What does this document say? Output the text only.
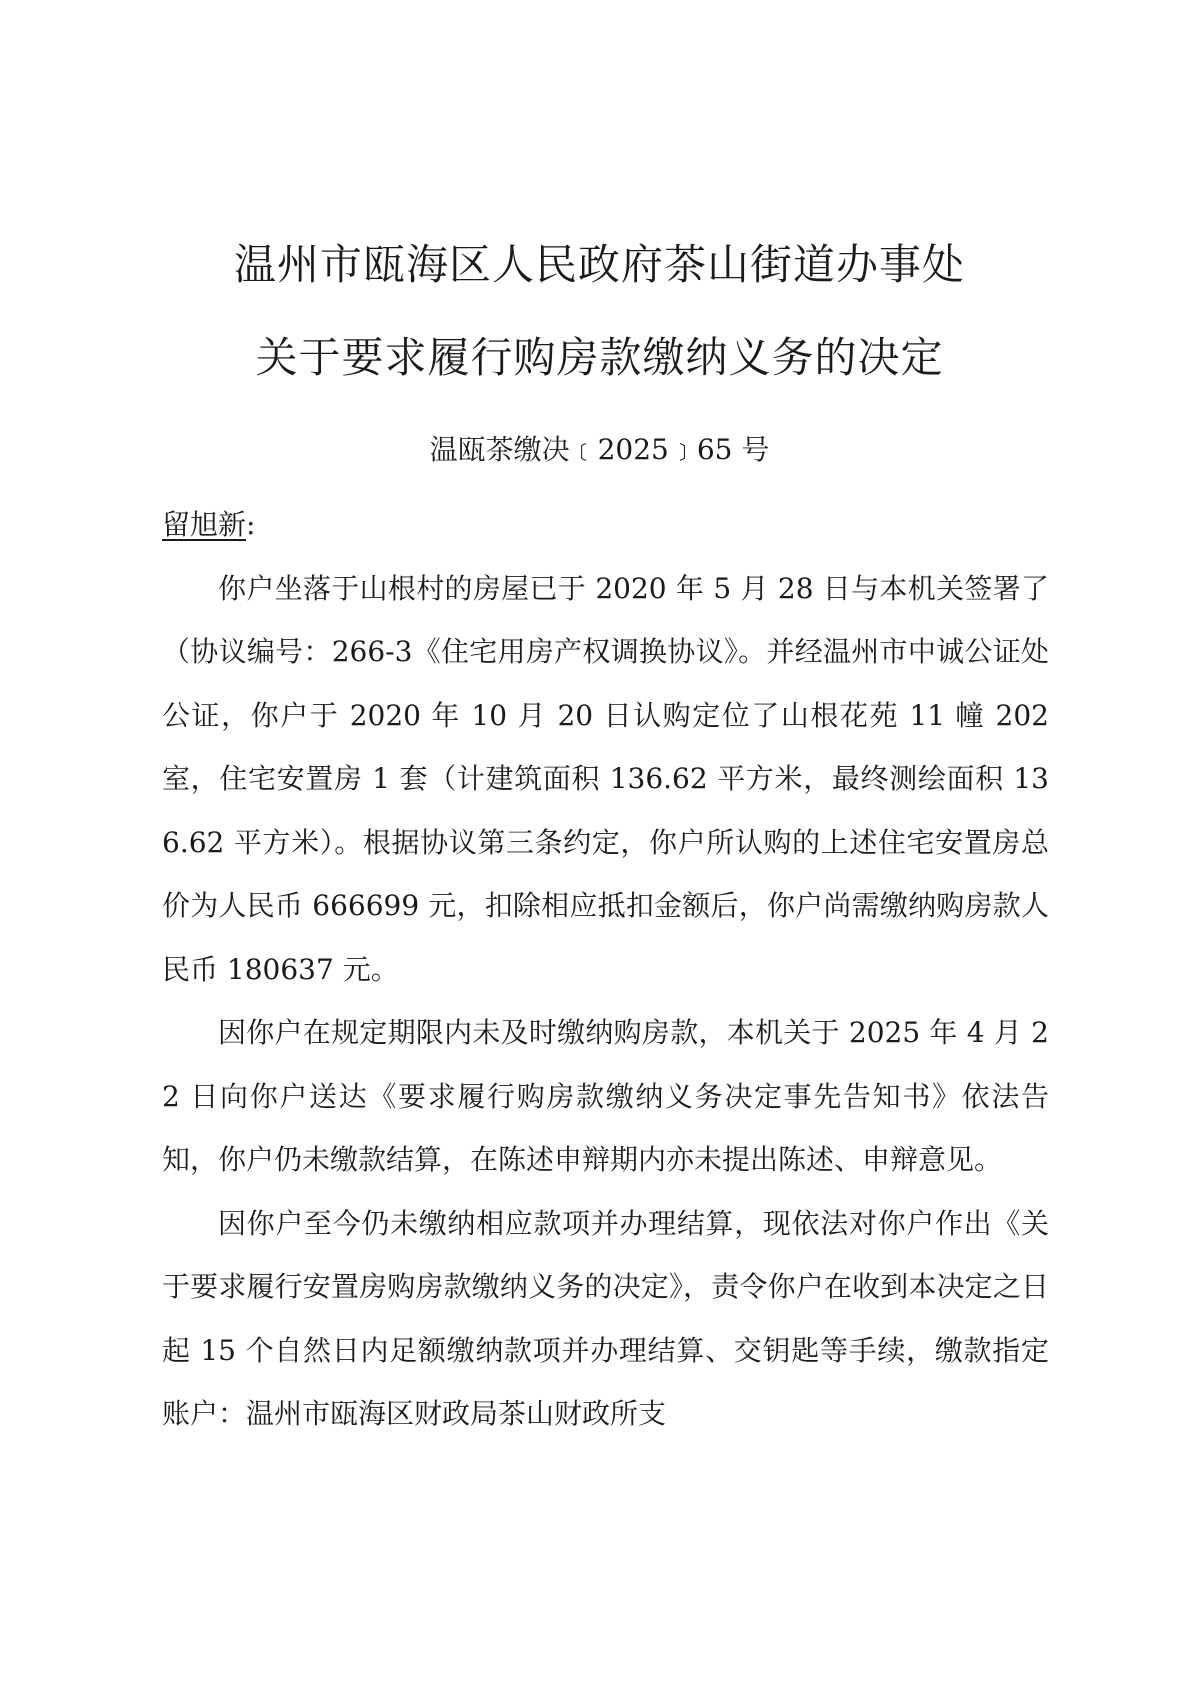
温州市瓯海区人民政府茶山街道办事处
关于要求履行购房款缴纳义务的决定
温瓯茶缴决﹝2025﹞65 号

留旭新:

你户坐落于山根村的房屋已于 2020 年 5 月 28 日与本机关签署了（协议编号：266-3《住宅用房产权调换协议》。并经温州市中诚公证处公证，你户于 2020 年 10 月 20 日认购定位了山根花苑 11 幢 202 室，住宅安置房 1 套（计建筑面积 136.62 平方米，最终测绘面积 136.62 平方米）。根据协议第三条约定，你户所认购的上述住宅安置房总价为人民币 666699 元，扣除相应抵扣金额后，你户尚需缴纳购房款人民币 180637 元。

因你户在规定期限内未及时缴纳购房款，本机关于 2025 年 4 月 22 日向你户送达《要求履行购房款缴纳义务决定事先告知书》依法告知，你户仍未缴款结算，在陈述申辩期内亦未提出陈述、申辩意见。

因你户至今仍未缴纳相应款项并办理结算，现依法对你户作出《关于要求履行安置房购房款缴纳义务的决定》，责令你户在收到本决定之日起 15 个自然日内足额缴纳款项并办理结算、交钥匙等手续，缴款指定账户：温州市瓯海区财政局茶山财政所支
